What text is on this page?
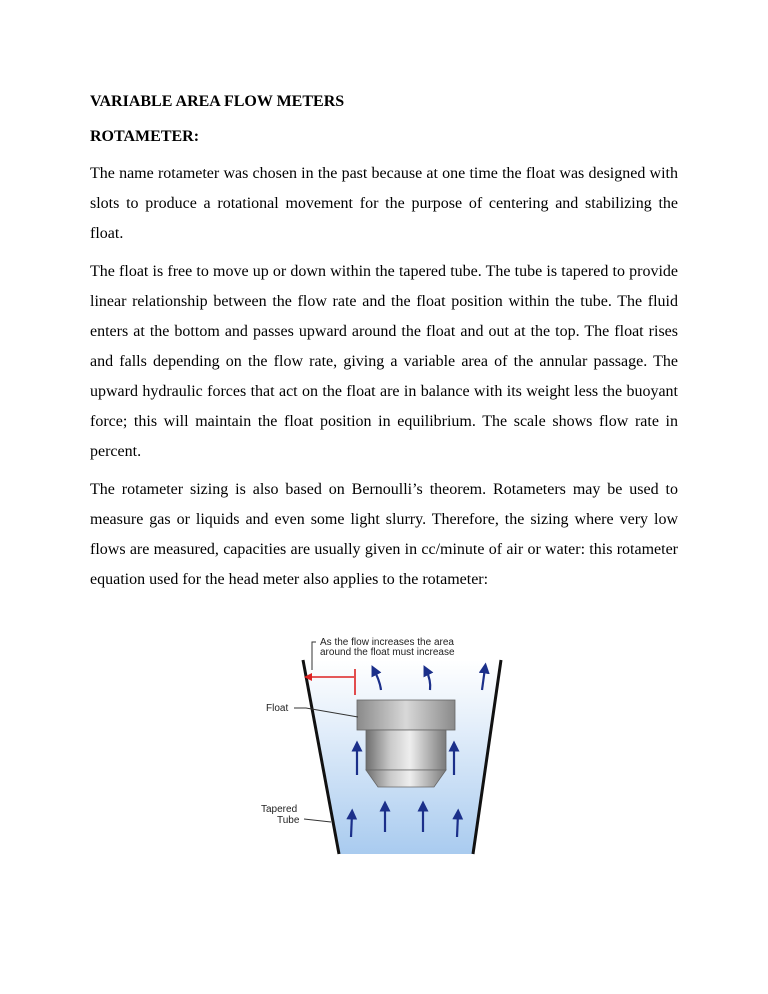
VARIABLE AREA FLOW METERS
ROTAMETER:

The name rotameter was chosen in the past because at one time the float was designed with slots to produce a rotational movement for the purpose of centering and stabilizing the float.

The float is free to move up or down within the tapered tube. The tube is tapered to provide linear relationship between the flow rate and the float position within the tube. The fluid enters at the bottom and passes upward around the float and out at the top. The float rises and falls depending on the flow rate, giving a variable area of the annular passage. The upward hydraulic forces that act on the float are in balance with its weight less the buoyant force; this will maintain the float position in equilibrium. The scale shows flow rate in percent.

The rotameter sizing is also based on Bernoulli’s theorem. Rotameters may be used to measure gas or liquids and even some light slurry. Therefore, the sizing where very low flows are measured, capacities are usually given in cc/minute of air or water: this rotameter equation used for the head meter also applies to the rotameter:

As the flow increases the area
around the float must increase
Float
Tapered
Tube
